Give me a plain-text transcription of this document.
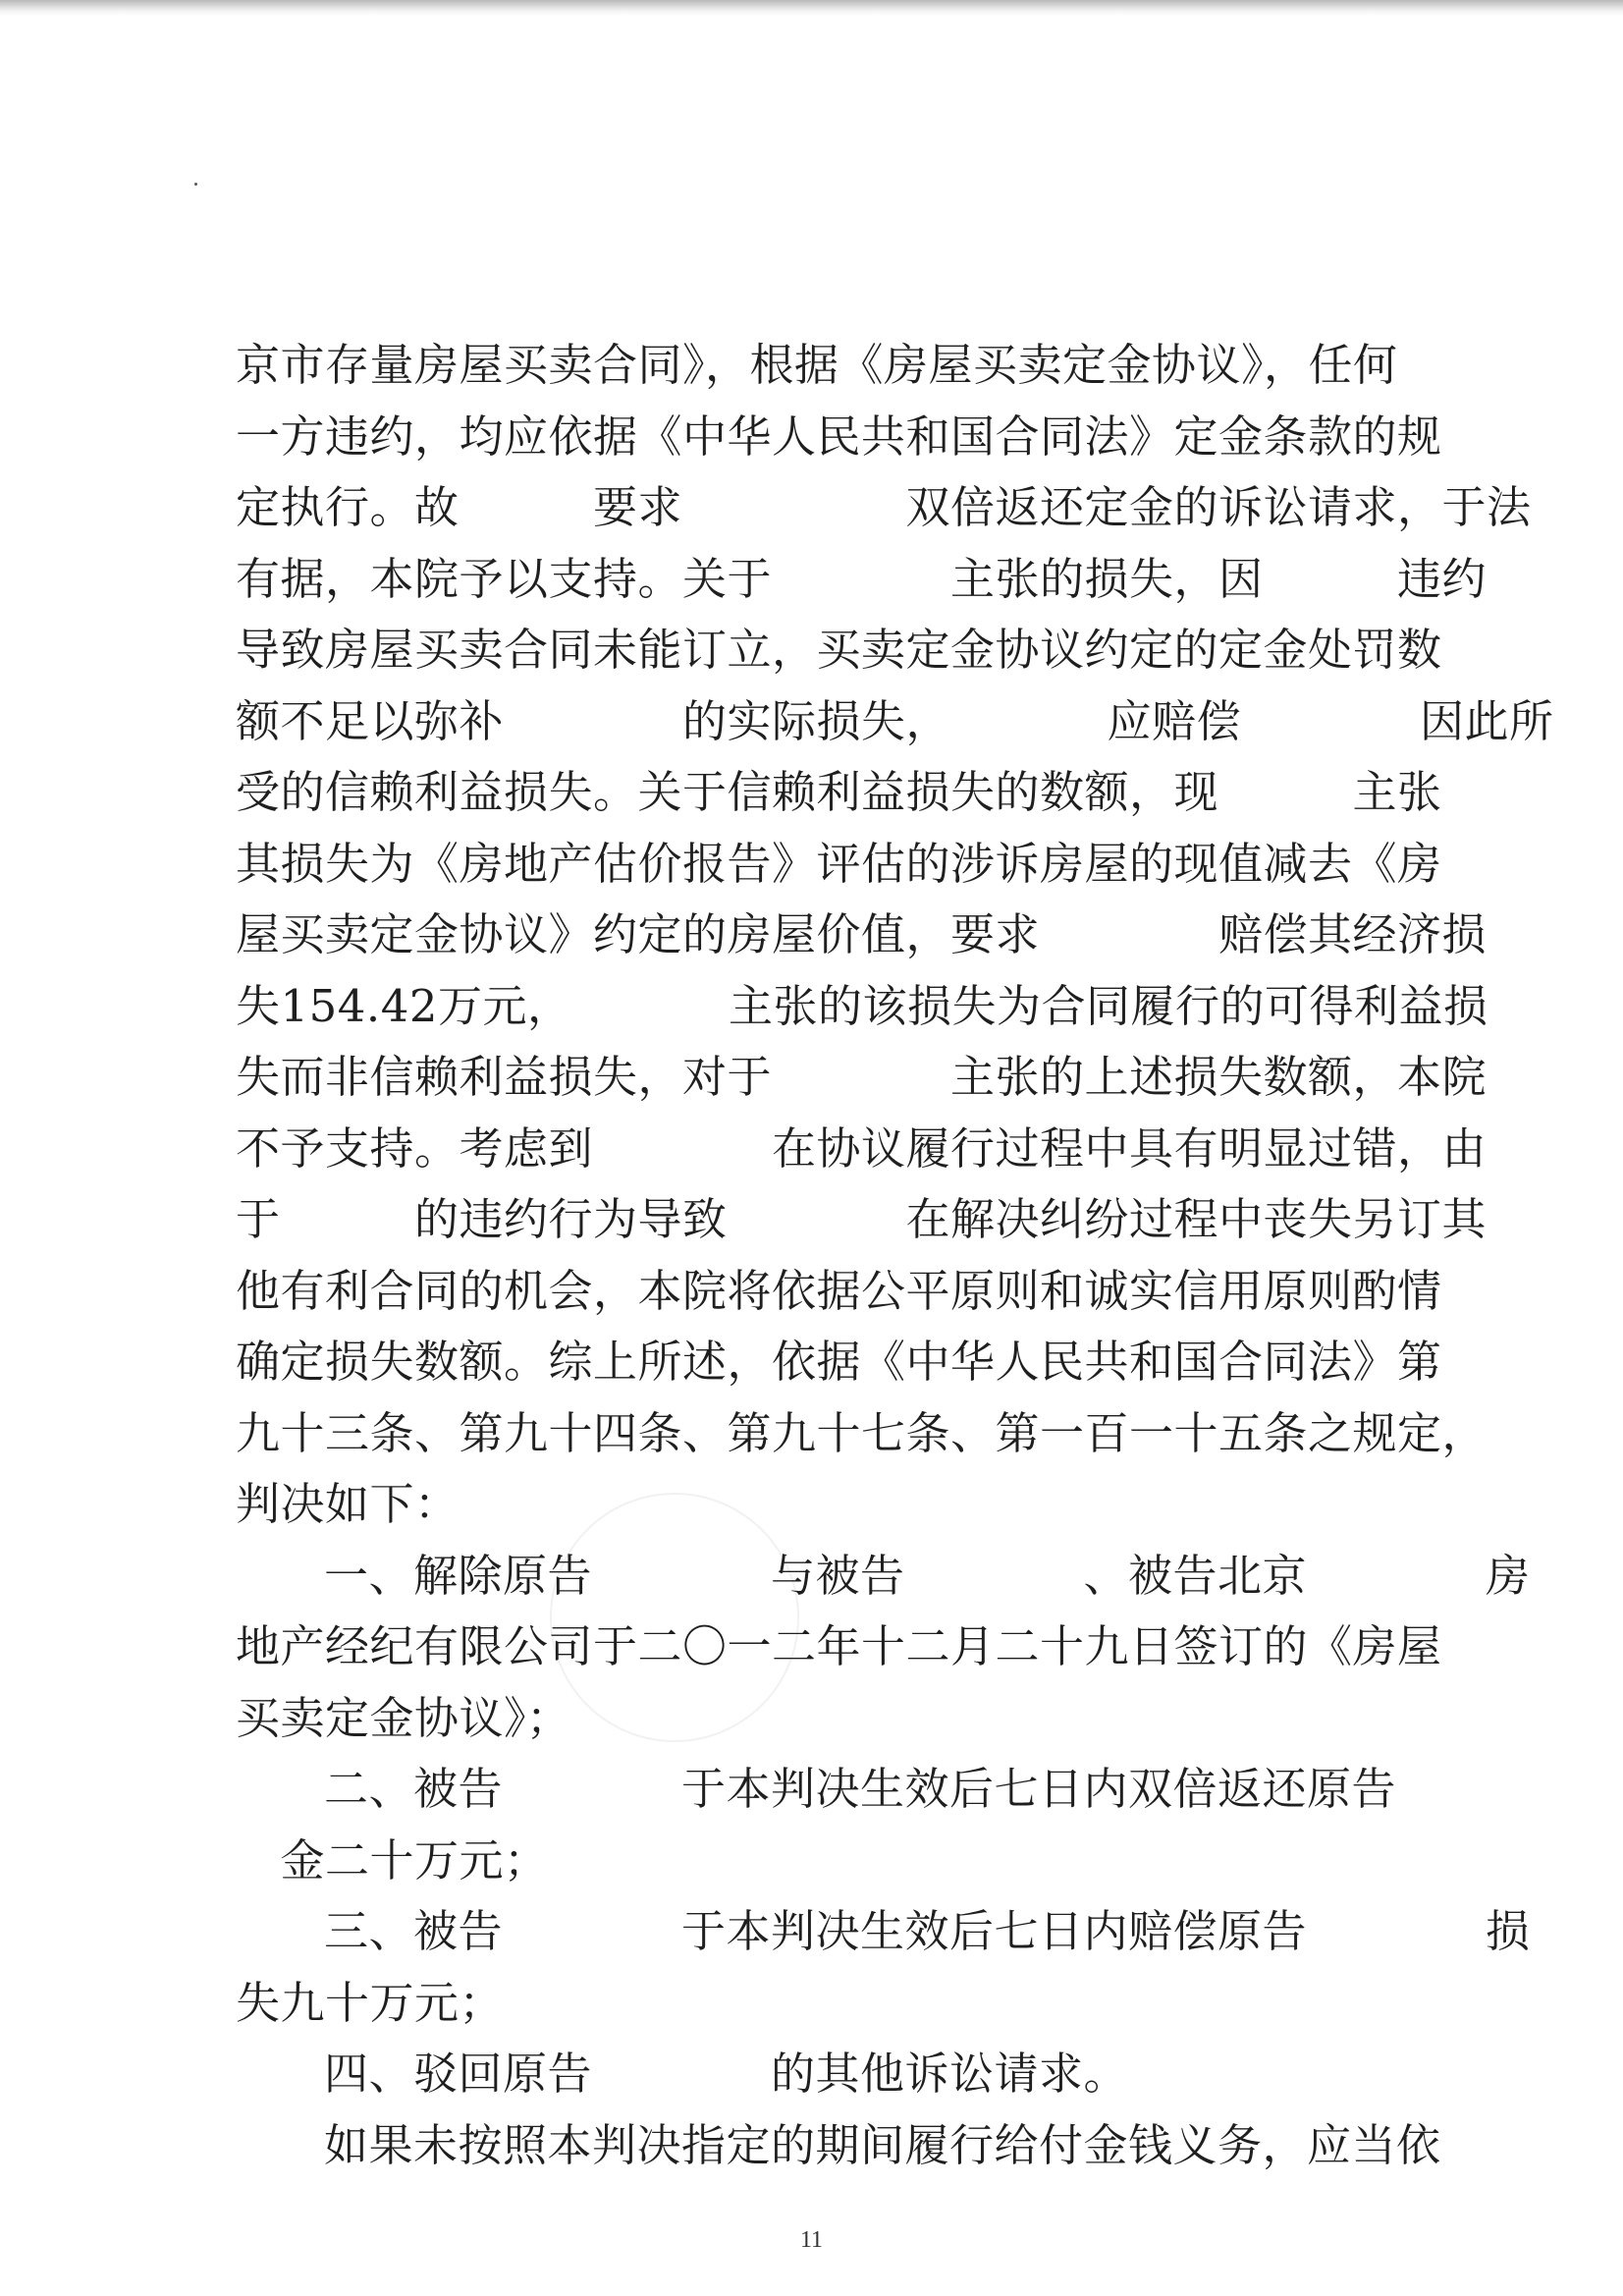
京市存量房屋买卖合同》，根据《房屋买卖定金协议》，任何
一方违约，均应依据《中华人民共和国合同法》定金条款的规
定执行。故　　　要求　　　　　双倍返还定金的诉讼请求，于法
有据，本院予以支持。关于　　　　主张的损失，因　　　违约
导致房屋买卖合同未能订立，买卖定金协议约定的定金处罚数
额不足以弥补　　　　的实际损失，　　　　应赔偿　　　　因此所
受的信赖利益损失。关于信赖利益损失的数额，现　　　主张
其损失为《房地产估价报告》评估的涉诉房屋的现值减去《房
屋买卖定金协议》约定的房屋价值，要求　　　　赔偿其经济损
失154.42万元，　　　　主张的该损失为合同履行的可得利益损
失而非信赖利益损失，对于　　　　主张的上述损失数额，本院
不予支持。考虑到　　　　在协议履行过程中具有明显过错，由
于　　　的违约行为导致　　　　在解决纠纷过程中丧失另订其
他有利合同的机会，本院将依据公平原则和诚实信用原则酌情
确定损失数额。综上所述，依据《中华人民共和国合同法》第
九十三条、第九十四条、第九十七条、第一百一十五条之规定，
判决如下：
一、解除原告　　　　与被告　　　　、被告北京　　　　房
地产经纪有限公司于二〇一二年十二月二十九日签订的《房屋
买卖定金协议》；
二、被告　　　　于本判决生效后七日内双倍返还原告
　金二十万元；
三、被告　　　　于本判决生效后七日内赔偿原告　　　　损
失九十万元；
四、驳回原告　　　　的其他诉讼请求。
如果未按照本判决指定的期间履行给付金钱义务，应当依
11
